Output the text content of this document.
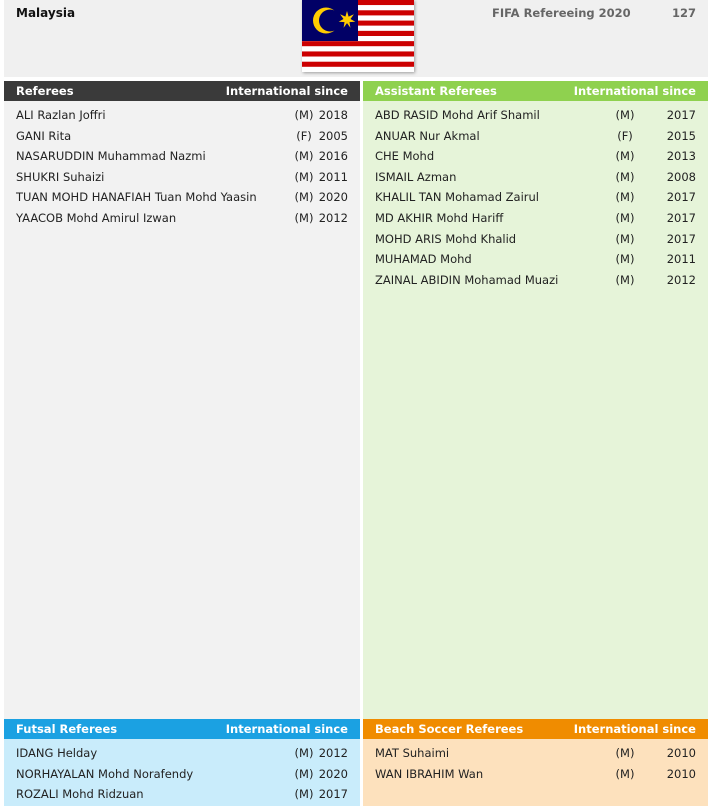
Malaysia	FIFA Refereeing 2020	127
Referees	International since
ALI Razlan Joffri	(M) 2018
GANI Rita	(F) 2005
NASARUDDIN Muhammad Nazmi	(M) 2016
SHUKRI Suhaizi	(M) 2011
TUAN MOHD HANAFIAH Tuan Mohd Yaasin	(M) 2020
YAACOB Mohd Amirul Izwan	(M) 2012
Assistant Referees	International since
ABD RASID Mohd Arif Shamil	(M)	2017
ANUAR Nur Akmal	(F)	2015
CHE Mohd	(M)	2013
ISMAIL Azman	(M)	2008
KHALIL TAN Mohamad Zairul	(M)	2017
MD AKHIR Mohd Hariff	(M)	2017
MOHD ARIS Mohd Khalid	(M)	2017
MUHAMAD Mohd	(M)	2011
ZAINAL ABIDIN Mohamad Muazi	(M)	2012
Futsal Referees	International since
IDANG Helday	(M) 2012
NORHAYALAN Mohd Norafendy	(M) 2020
ROZALI Mohd Ridzuan	(M) 2017
Beach Soccer Referees	International since
MAT Suhaimi	(M)	2010
WAN IBRAHIM Wan	(M)	2010
